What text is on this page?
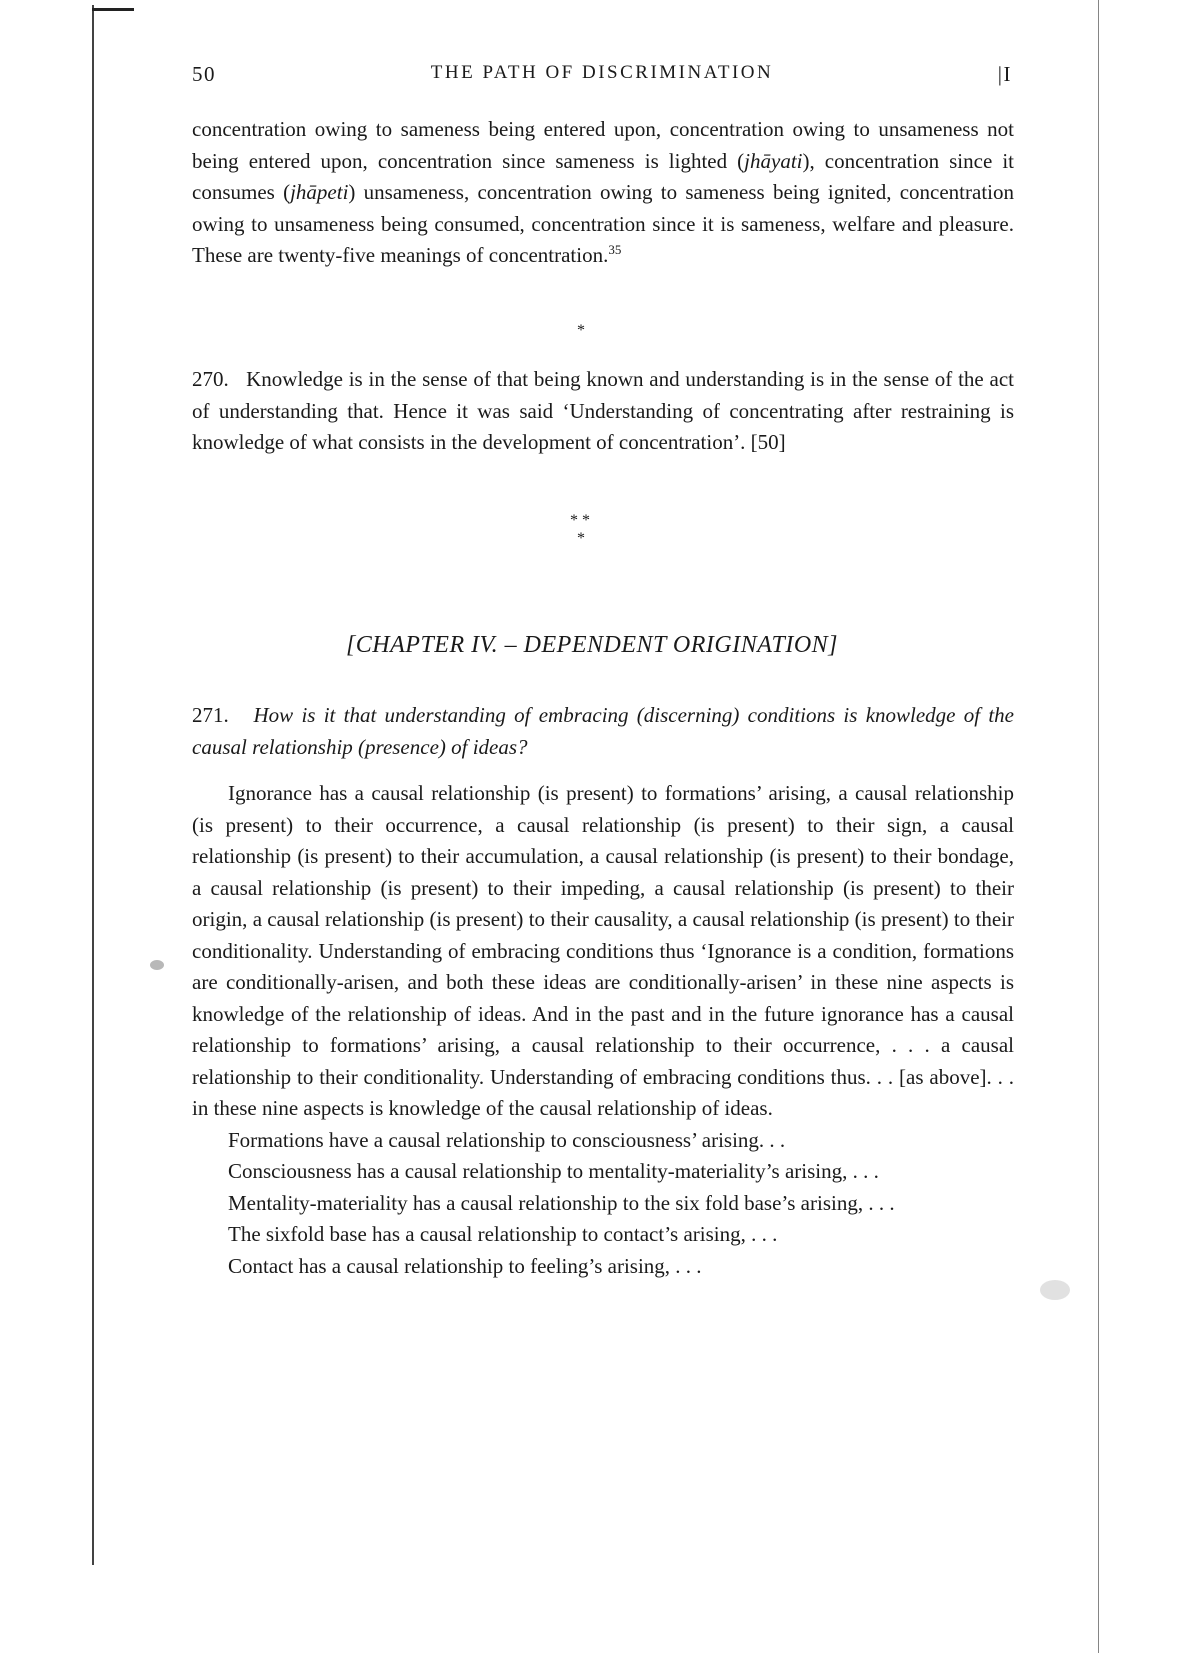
50	THE PATH OF DISCRIMINATION	|I

concentration owing to sameness being entered upon, concentration owing to unsameness not being entered upon, concentration since sameness is lighted (jhāyati), concentration since it consumes (jhāpeti) unsameness, concentration owing to sameness being ignited, concentration owing to unsameness being consumed, concentration since it is sameness, welfare and pleasure. These are twenty-five meanings of concentration.$^{35}$

*

270. Knowledge is in the sense of that being known and understanding is in the sense of the act of understanding that. Hence it was said ‘Understanding of concentrating after restraining is knowledge of what consists in the development of concentration’. [50]

* *
*
[CHAPTER IV. – DEPENDENT ORIGINATION]

271. How is it that understanding of embracing (discerning) conditions is knowledge of the causal relationship (presence) of ideas?

Ignorance has a causal relationship (is present) to formations’ arising, a causal relationship (is present) to their occurrence, a causal relationship (is present) to their sign, a causal relationship (is present) to their accumulation, a causal relationship (is present) to their bondage, a causal relationship (is present) to their impeding, a causal relationship (is present) to their origin, a causal relationship (is present) to their causality, a causal relationship (is present) to their conditionality. Understanding of embracing conditions thus ‘Ignorance is a condition, formations are conditionally-arisen, and both these ideas are conditionally-arisen’ in these nine aspects is knowledge of the relationship of ideas. And in the past and in the future ignorance has a causal relationship to formations’ arising, a causal relationship to their occurrence, . . . a causal relationship to their conditionality. Understanding of embracing conditions thus. . . [as above]. . . in these nine aspects is knowledge of the causal relationship of ideas.

Formations have a causal relationship to consciousness’ arising. . .

Consciousness has a causal relationship to mentality-materiality’s arising, . . .

Mentality-materiality has a causal relationship to the six fold base’s arising, . . .

The sixfold base has a causal relationship to contact’s arising, . . .

Contact has a causal relationship to feeling’s arising, . . .
